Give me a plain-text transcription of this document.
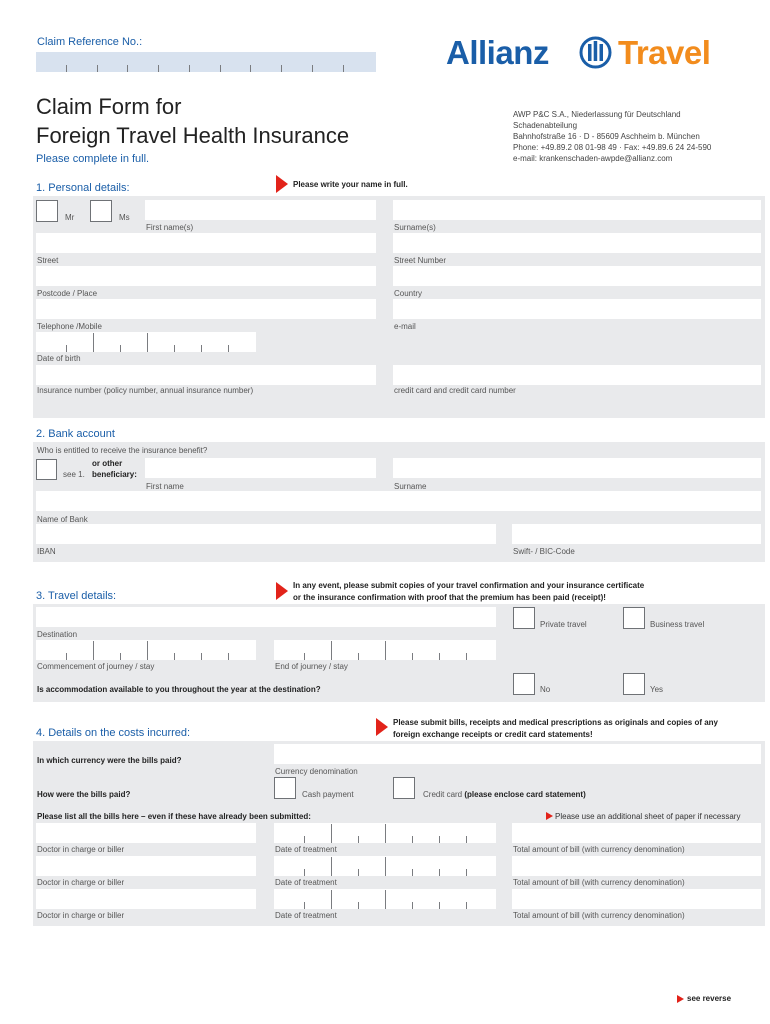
Claim Reference No.:	Allianz Travel
Claim Form for
Foreign Travel Health Insurance
Please complete in full.
AWP P&C S.A., Niederlassung für Deutschland
Schadenabteilung
Bahnhofstraße 16 · D - 85609 Aschheim b. München
Phone: +49.89.2 08 01-98 49 · Fax: +49.89.6 24 24-590
e-mail: krankenschaden-awpde@allianz.com
Please write your name in full.
1. Personal details:
Mr	Ms
First name(s)	Surname(s)
Street	Street Number
Postcode / Place	Country
Telephone /Mobile	e-mail
Date of birth
Insurance number (policy number, annual insurance number)	credit card and credit card number
2. Bank account
Who is entitled to receive the insurance benefit?
see 1.
or other
beneficiary:
First name	Surname
Name of Bank
IBAN	Swift- / BIC-Code
In any event, please submit copies of your travel confirmation and your insurance certificate
or the insurance confirmation with proof that the premium has been paid (receipt)!
3. Travel details:
Destination
Private travel	Business travel
Commencement of journey / stay	End of journey / stay
Is accommodation available to you throughout the year at the destination?	No	Yes
Please submit bills, receipts and medical prescriptions as originals and copies of any
foreign exchange receipts or credit card statements!
4. Details on the costs incurred:
In which currency were the bills paid?
Currency denomination
How were the bills paid?	Cash payment	Credit card (please enclose card statement)
Please list all the bills here – even if these have already been submitted:	Please use an additional sheet of paper if necessary
Doctor in charge or biller	Date of treatment	Total amount of bill (with currency denomination)
Doctor in charge or biller	Date of treatment	Total amount of bill (with currency denomination)
Doctor in charge or biller	Date of treatment	Total amount of bill (with currency denomination)
see reverse
